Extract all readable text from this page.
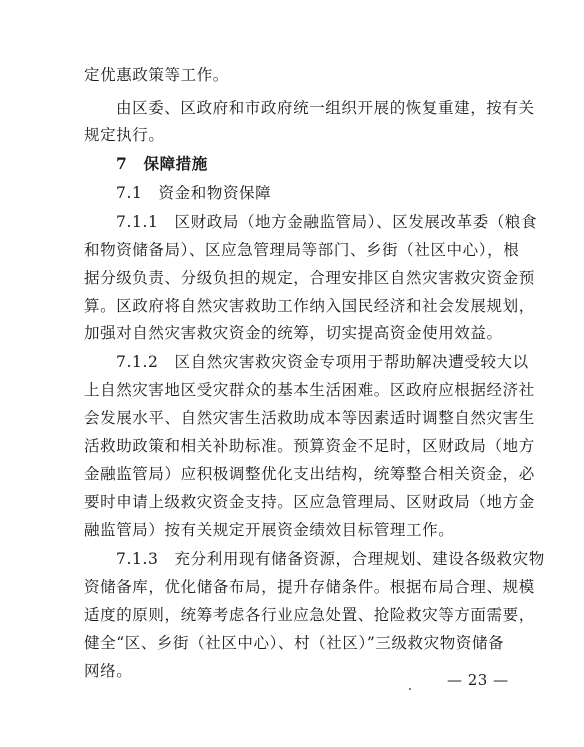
定优惠政策等工作。
由区委、区政府和市政府统一组织开展的恢复重建，按有关
规定执行。
7　保障措施
7.1　资金和物资保障
7.1.1　区财政局（地方金融监管局）、区发展改革委（粮食
和物资储备局）、区应急管理局等部门、乡街（社区中心），根
据分级负责、分级负担的规定，合理安排区自然灾害救灾资金预
算。区政府将自然灾害救助工作纳入国民经济和社会发展规划，
加强对自然灾害救灾资金的统筹，切实提高资金使用效益。
7.1.2　区自然灾害救灾资金专项用于帮助解决遭受较大以
上自然灾害地区受灾群众的基本生活困难。区政府应根据经济社
会发展水平、自然灾害生活救助成本等因素适时调整自然灾害生
活救助政策和相关补助标准。预算资金不足时，区财政局（地方
金融监管局）应积极调整优化支出结构，统筹整合相关资金，必
要时申请上级救灾资金支持。区应急管理局、区财政局（地方金
融监管局）按有关规定开展资金绩效目标管理工作。
7.1.3　充分利用现有储备资源，合理规划、建设各级救灾物
资储备库，优化储备布局，提升存储条件。根据布局合理、规模
适度的原则，统筹考虑各行业应急处置、抢险救灾等方面需要，
健全“区、乡街（社区中心）、村（社区）”三级救灾物资储备
网络。	— 23 —
